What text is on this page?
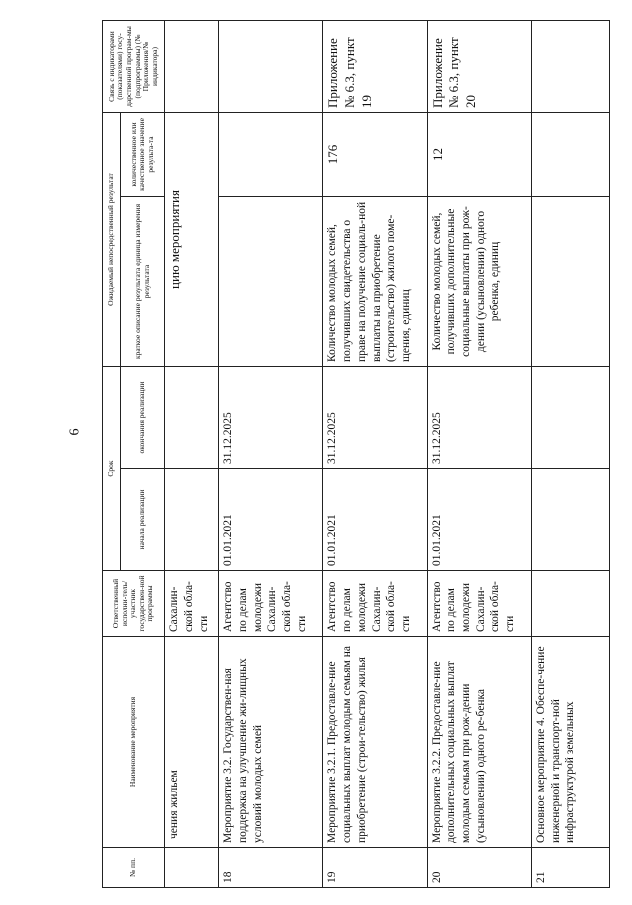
6
№ пп.	Наименование мероприятия	Ответственный исполни-тель/участник государствен-ной программы	Срок		Ожидаемый непосредственный результат		Связь с индикаторами (показателями) госу-дарственной програм-мы (подпрограммы) (№ Приложения/№ индикатора)
			начала реализации	окончания реализации	краткое описание результата единица измерения результата	количественное или качественное значение результа-та	
	чения жильем	Сахалин-ской обла-сти			цию мероприятия		
18	Мероприятие 3.2. Государствен-ная поддержка на улучшение жи-лищных условий молодых семей	Агентство по делам молодежи Сахалин-ской обла-сти	01.01.2021	31.12.2025			
19	Мероприятие 3.2.1. Предоставле-ние социальных выплат молодым семьям на приобретение (строи-тельство) жилья	Агентство по делам молодежи Сахалин-ской обла-сти	01.01.2021	31.12.2025	Количество молодых семей, получивших свидетельства о праве на получение социаль-ной выплаты на приобретение (строительство) жилого поме-щения, единиц	176	Приложение № 6.3, пункт 19
20	Мероприятие 3.2.2. Предоставле-ние дополнительных социальных выплат молодым семьям при рож-дении (усыновлении) одного ре-бенка	Агентство по делам молодежи Сахалин-ской обла-сти	01.01.2021	31.12.2025	Количество молодых семей, получивших дополнительные социальные выплаты при рож-дении (усыновлении) одного ребенка, единиц	12	Приложение № 6.3, пункт 20
21	Основное мероприятие 4. Обеспе-чение инженерной и транспорт-ной инфраструктурой земельных						
